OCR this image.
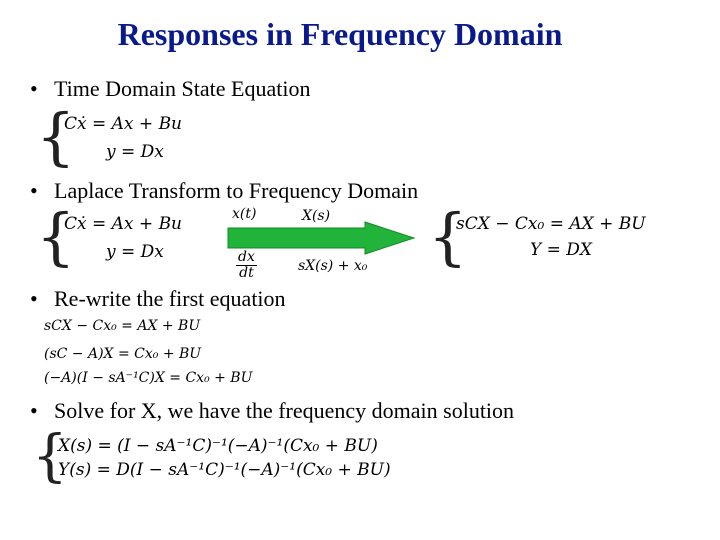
Responses in Frequency Domain
• Time Domain State Equation
{
Cẋ = Ax + Bu
y = Dx
• Laplace Transform to Frequency Domain
{
Cẋ = Ax + Bu
y = Dx
x(t)	X(s)
$\frac{dx}{dt}$	sX(s) + x₀ {
sCX − Cx₀ = AX + BU
Y = DX
• Re-write the first equation
sCX − Cx₀ = AX + BU
(sC − A)X = Cx₀ + BU
(−A)(I − sA⁻¹C)X = Cx₀ + BU
• Solve for X, we have the frequency domain solution
{
X(s) = (I − sA⁻¹C)⁻¹(−A)⁻¹(Cx₀ + BU)
Y(s) = D(I − sA⁻¹C)⁻¹(−A)⁻¹(Cx₀ + BU)
